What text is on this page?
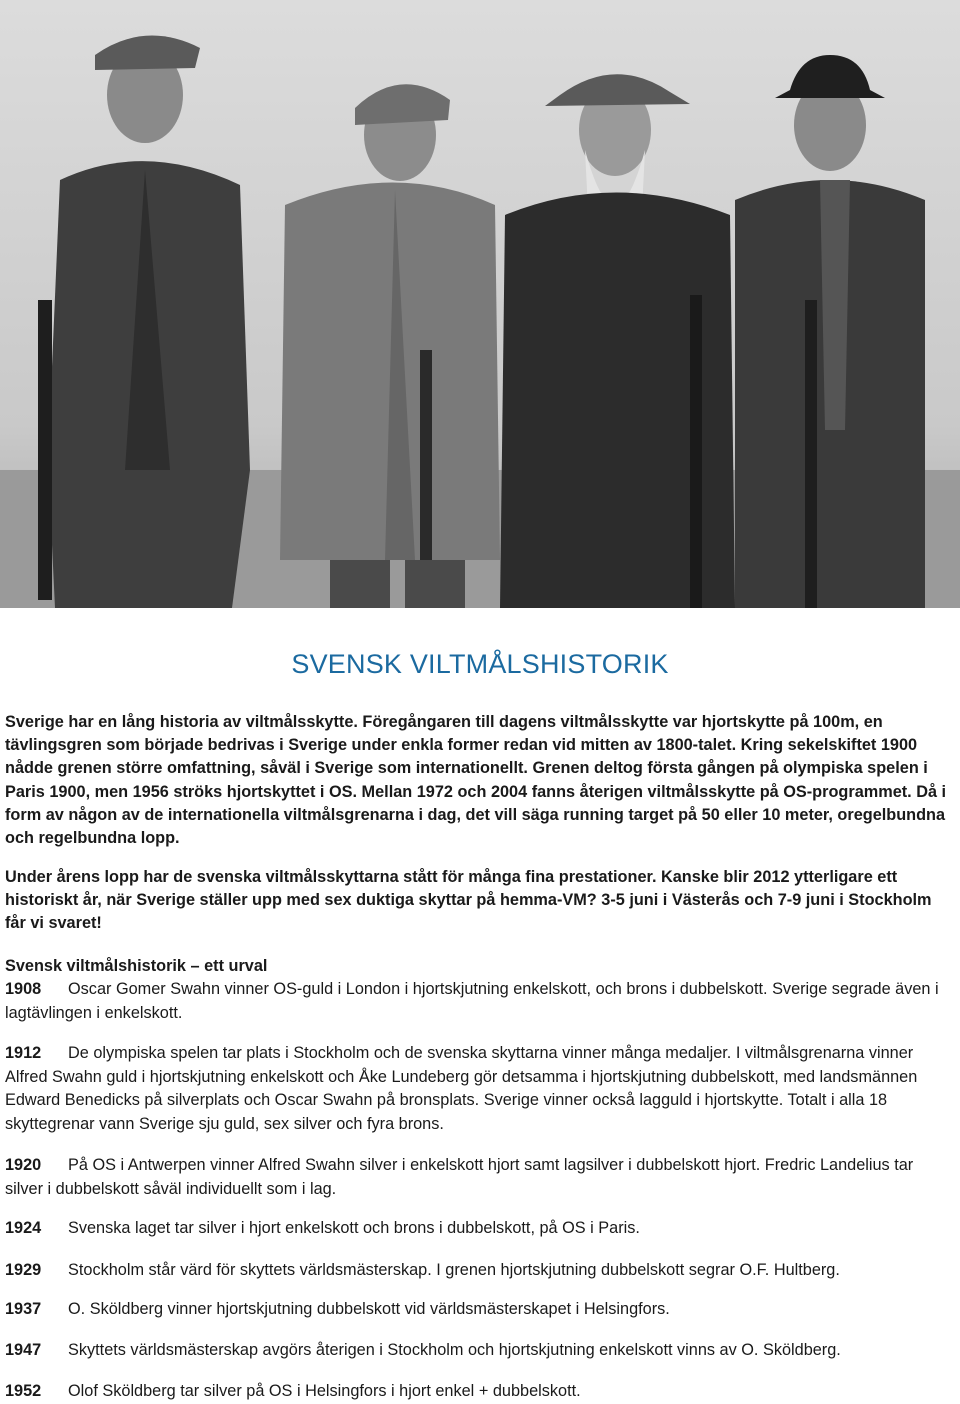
SVENSK VILTMÅLSHISTORIK

Sverige har en lång historia av viltmålsskytte. Föregångaren till dagens viltmålsskytte var hjortskytte på 100m, en tävlingsgren som började bedrivas i Sverige under enkla former redan vid mitten av 1800-talet. Kring sekelskiftet 1900 nådde grenen större omfattning, såväl i Sverige som internationellt. Grenen deltog första gången på olympiska spelen i Paris 1900, men 1956 ströks hjortskyttet i OS. Mellan 1972 och 2004 fanns återigen viltmålsskytte på OS-programmet. Då i form av någon av de internationella viltmålsgrenarna i dag, det vill säga running target på 50 eller 10 meter, oregelbundna och regelbundna lopp.

Under årens lopp har de svenska viltmålsskyttarna stått för många fina prestationer. Kanske blir 2012 ytterligare ett historiskt år, när Sverige ställer upp med sex duktiga skyttar på hemma-VM? 3-5 juni i Västerås och 7-9 juni i Stockholm får vi svaret!

Svensk viltmålshistorik – ett urval

1908 Oscar Gomer Swahn vinner OS-guld i London i hjortskjutning enkelskott, och brons i dubbelskott. Sverige segrade även i lagtävlingen i enkelskott.

1912 De olympiska spelen tar plats i Stockholm och de svenska skyttarna vinner många medaljer. I viltmålsgrenarna vinner Alfred Swahn guld i hjortskjutning enkelskott och Åke Lundeberg gör detsamma i hjortskjutning dubbelskott, med landsmännen Edward Benedicks på silverplats och Oscar Swahn på bronsplats. Sverige vinner också lagguld i hjortskytte. Totalt i alla 18 skyttegrenar vann Sverige sju guld, sex silver och fyra brons.

1920 På OS i Antwerpen vinner Alfred Swahn silver i enkelskott hjort samt lagsilver i dubbelskott hjort. Fredric Landelius tar silver i dubbelskott såväl individuellt som i lag.

1924 Svenska laget tar silver i hjort enkelskott och brons i dubbelskott, på OS i Paris.

1929 Stockholm står värd för skyttets världsmästerskap. I grenen hjortskjutning dubbelskott segrar O.F. Hultberg.

1937 O. Sköldberg vinner hjortskjutning dubbelskott vid världsmästerskapet i Helsingfors.

1947 Skyttets världsmästerskap avgörs återigen i Stockholm och hjortskjutning enkelskott vinns av O. Sköldberg.

1952 Olof Sköldberg tar silver på OS i Helsingfors i hjort enkel + dubbelskott.
